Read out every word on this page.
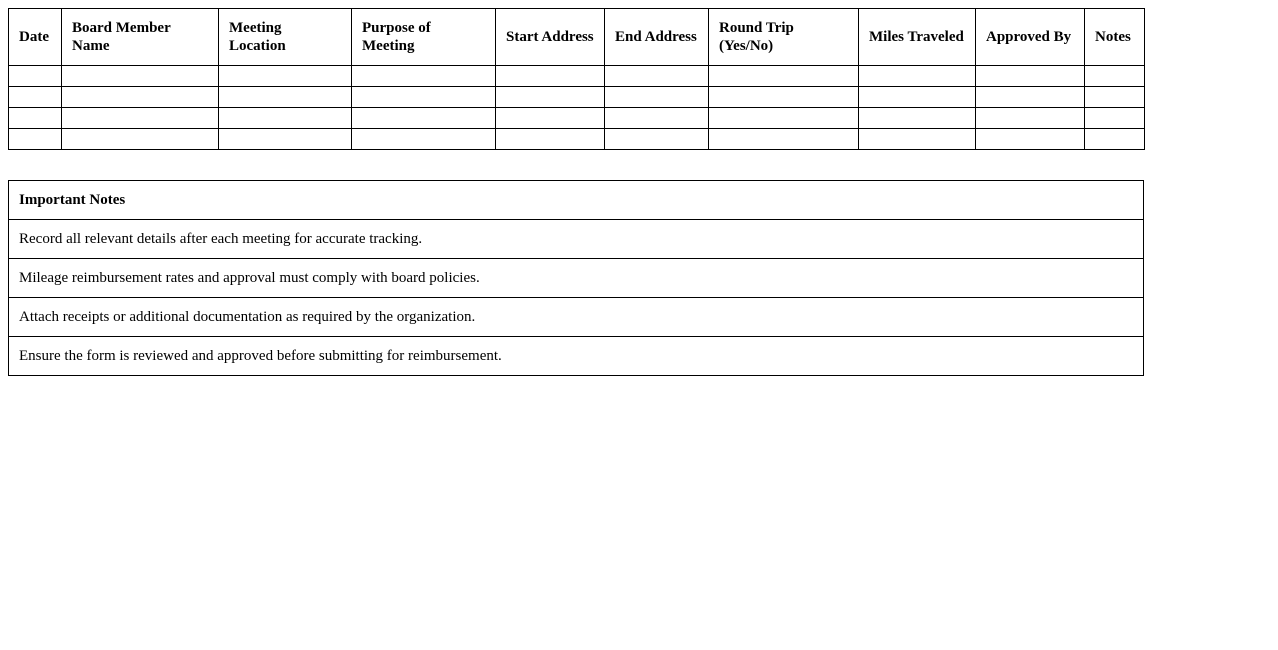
Date	Board Member Name	Meeting Location	Purpose of Meeting	Start Address	End Address	Round Trip (Yes/No)	Miles Traveled	Approved By	Notes

Important Notes
Record all relevant details after each meeting for accurate tracking.
Mileage reimbursement rates and approval must comply with board policies.
Attach receipts or additional documentation as required by the organization.
Ensure the form is reviewed and approved before submitting for reimbursement.
